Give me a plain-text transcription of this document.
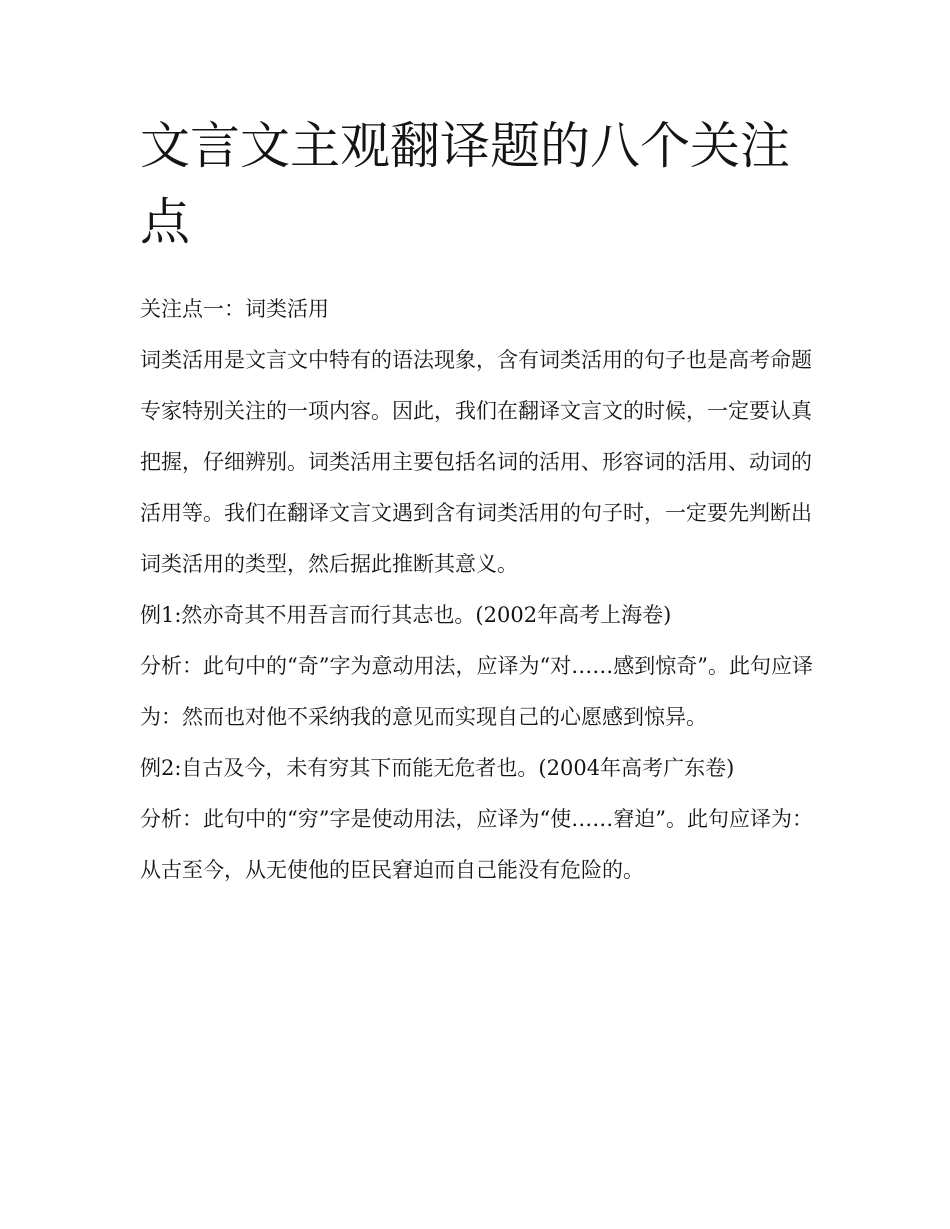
文言文主观翻译题的八个关注点

关注点一：词类活用

词类活用是文言文中特有的语法现象，含有词类活用的句子也是高考命题专家特别关注的一项内容。因此，我们在翻译文言文的时候，一定要认真把握，仔细辨别。词类活用主要包括名词的活用、形容词的活用、动词的活用等。我们在翻译文言文遇到含有词类活用的句子时，一定要先判断出词类活用的类型，然后据此推断其意义。

例1:然亦奇其不用吾言而行其志也。(2002年高考上海卷)

分析：此句中的“奇”字为意动用法，应译为“对……感到惊奇”。此句应译为：然而也对他不采纳我的意见而实现自己的心愿感到惊异。

例2:自古及今，未有穷其下而能无危者也。(2004年高考广东卷)

分析：此句中的“穷”字是使动用法，应译为“使……窘迫”。此句应译为：从古至今，从无使他的臣民窘迫而自己能没有危险的。
